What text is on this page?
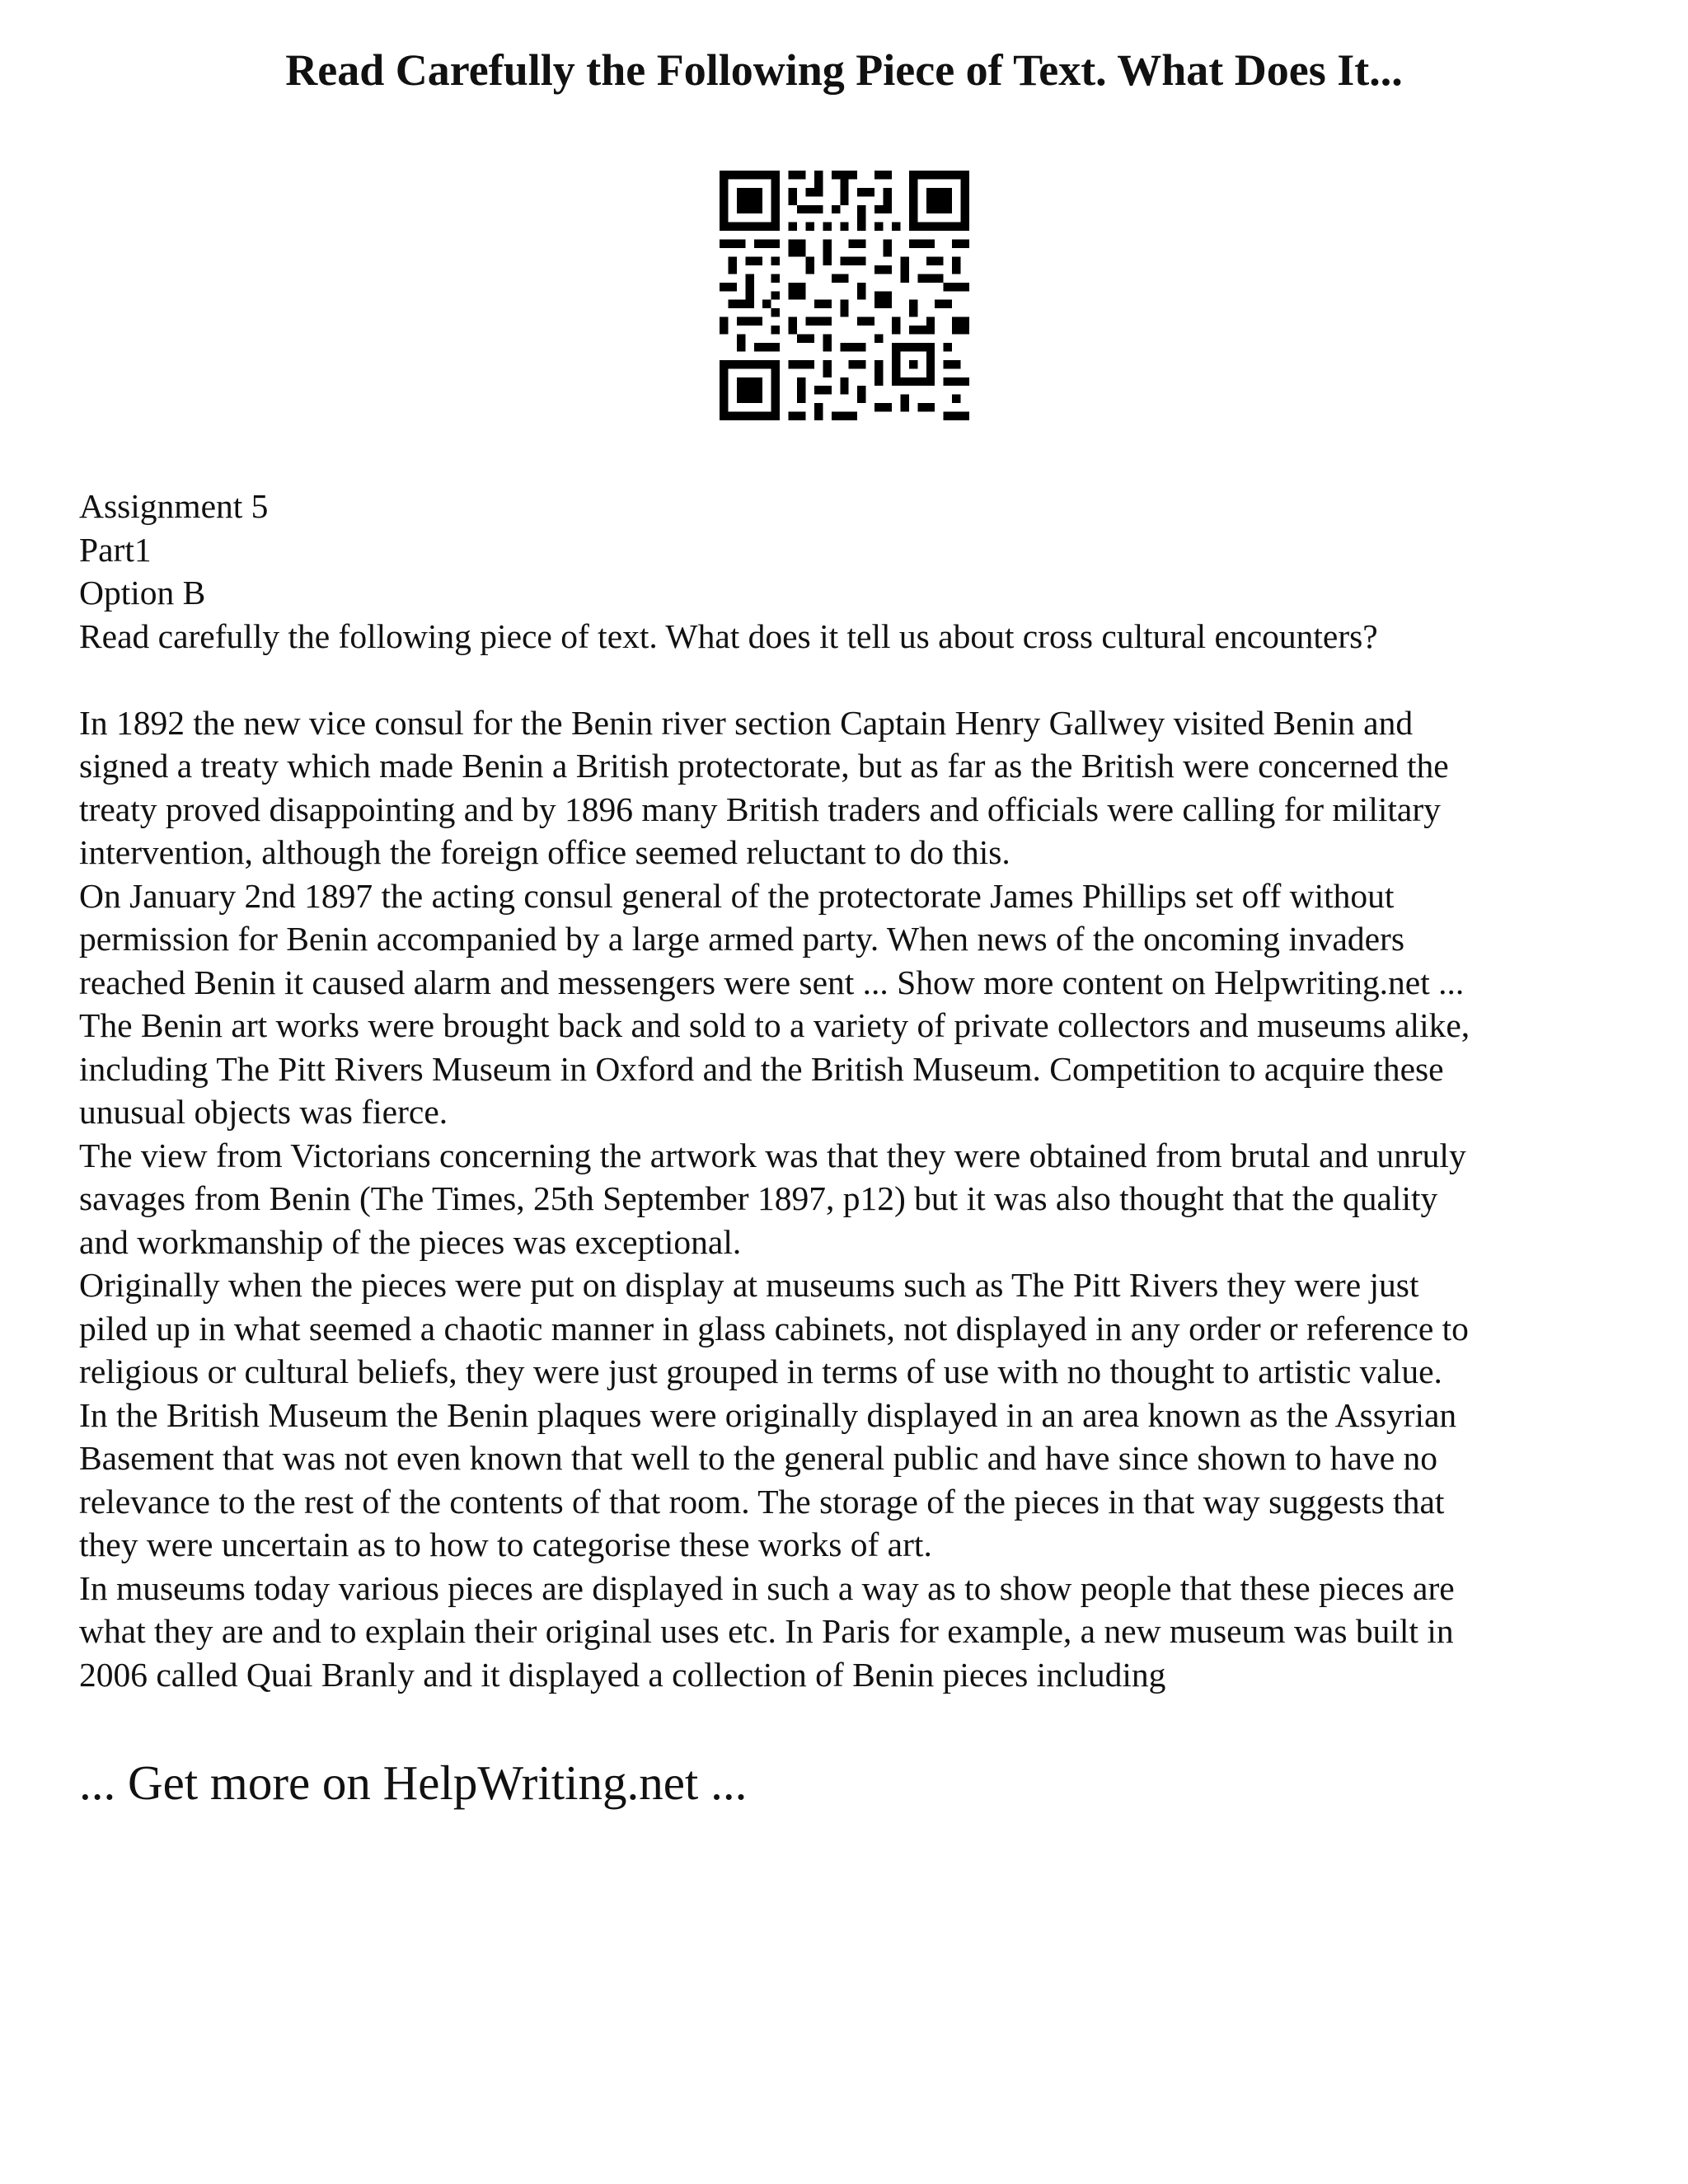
Read Carefully the Following Piece of Text. What Does It...

Assignment 5

Part1

Option B

Read carefully the following piece of text. What does it tell us about cross cultural encounters?

In 1892 the new vice consul for the Benin river section Captain Henry Gallwey visited Benin and

signed a treaty which made Benin a British protectorate, but as far as the British were concerned the

treaty proved disappointing and by 1896 many British traders and officials were calling for military

intervention, although the foreign office seemed reluctant to do this.

On January 2nd 1897 the acting consul general of the protectorate James Phillips set off without

permission for Benin accompanied by a large armed party. When news of the oncoming invaders

reached Benin it caused alarm and messengers were sent ... Show more content on Helpwriting.net ...

The Benin art works were brought back and sold to a variety of private collectors and museums alike,

including The Pitt Rivers Museum in Oxford and the British Museum. Competition to acquire these

unusual objects was fierce.

The view from Victorians concerning the artwork was that they were obtained from brutal and unruly

savages from Benin (The Times, 25th September 1897, p12) but it was also thought that the quality

and workmanship of the pieces was exceptional.

Originally when the pieces were put on display at museums such as The Pitt Rivers they were just

piled up in what seemed a chaotic manner in glass cabinets, not displayed in any order or reference to

religious or cultural beliefs, they were just grouped in terms of use with no thought to artistic value.

In the British Museum the Benin plaques were originally displayed in an area known as the Assyrian

Basement that was not even known that well to the general public and have since shown to have no

relevance to the rest of the contents of that room. The storage of the pieces in that way suggests that

they were uncertain as to how to categorise these works of art.

In museums today various pieces are displayed in such a way as to show people that these pieces are

what they are and to explain their original uses etc. In Paris for example, a new museum was built in

2006 called Quai Branly and it displayed a collection of Benin pieces including

... Get more on HelpWriting.net ...
